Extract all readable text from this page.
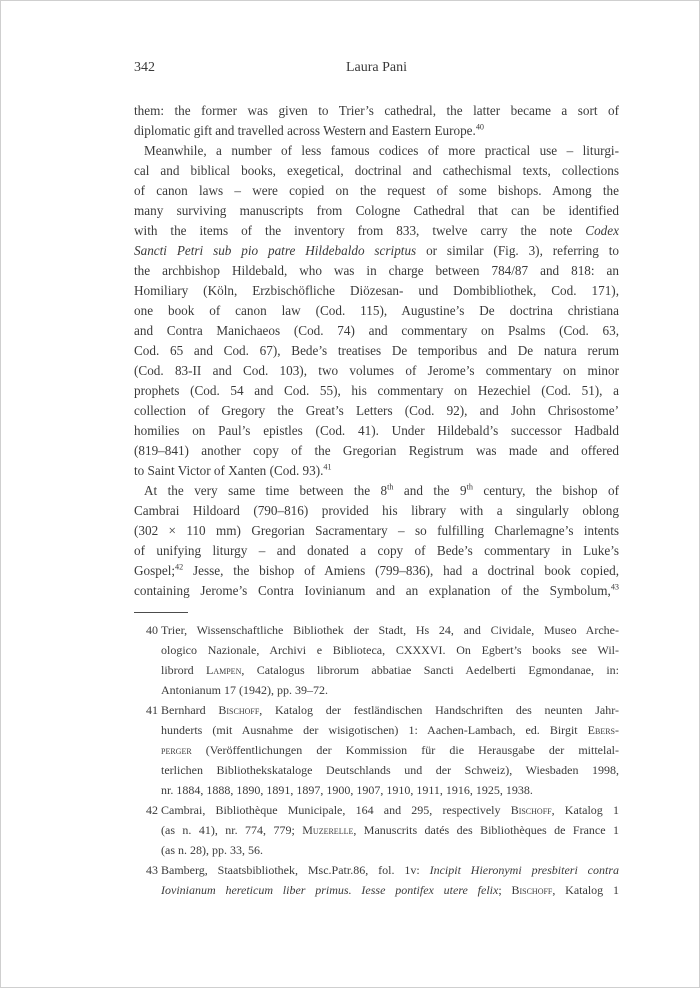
342	Laura Pani
them: the former was given to Trier’s cathedral, the latter became a sort of
diplomatic gift and travelled across Western and Eastern Europe.$^{40}$
Meanwhile, a number of less famous codices of more practical use – liturgi-
cal and biblical books, exegetical, doctrinal and cathechismal texts, collections
of canon laws – were copied on the request of some bishops. Among the
many surviving manuscripts from Cologne Cathedral that can be identified
with the items of the inventory from 833, twelve carry the note Codex
Sancti Petri sub pio patre Hildebaldo scriptus or similar (Fig. 3), referring to
the archbishop Hildebald, who was in charge between 784/87 and 818: an
Homiliary (Köln, Erzbischöfliche Diözesan- und Dombibliothek, Cod. 171),
one book of canon law (Cod. 115), Augustine’s De doctrina christiana
and Contra Manichaeos (Cod. 74) and commentary on Psalms (Cod. 63,
Cod. 65 and Cod. 67), Bede’s treatises De temporibus and De natura rerum
(Cod. 83-II and Cod. 103), two volumes of Jerome’s commentary on minor
prophets (Cod. 54 and Cod. 55), his commentary on Hezechiel (Cod. 51), a
collection of Gregory the Great’s Letters (Cod. 92), and John Chrisostome’
homilies on Paul’s epistles (Cod. 41). Under Hildebald’s successor Hadbald
(819–841) another copy of the Gregorian Registrum was made and offered
to Saint Victor of Xanten (Cod. 93).$^{41}$
At the very same time between the 8th and the 9th century, the bishop of
Cambrai Hildoard (790–816) provided his library with a singularly oblong
(302 × 110 mm) Gregorian Sacramentary – so fulfilling Charlemagne’s intents
of unifying liturgy – and donated a copy of Bede’s commentary in Luke’s
Gospel;$^{42}$ Jesse, the bishop of Amiens (799–836), had a doctrinal book copied,
containing Jerome’s Contra Iovinianum and an explanation of the Symbolum,$^{43}$
40 Trier, Wissenschaftliche Bibliothek der Stadt, Hs 24, and Cividale, Museo Arche-
ologico Nazionale, Archivi e Biblioteca, CXXXVI. On Egbert’s books see Wil-
librord Lampen, Catalogus librorum abbatiae Sancti Aedelberti Egmondanae, in:
Antonianum 17 (1942), pp. 39–72.
41 Bernhard Bischoff, Katalog der festländischen Handschriften des neunten Jahr-
hunderts (mit Ausnahme der wisigotischen) 1: Aachen-Lambach, ed. Birgit Ebers-
perger (Veröffentlichungen der Kommission für die Herausgabe der mittelal-
terlichen Bibliothekskataloge Deutschlands und der Schweiz), Wiesbaden 1998,
nr. 1884, 1888, 1890, 1891, 1897, 1900, 1907, 1910, 1911, 1916, 1925, 1938.
42 Cambrai, Bibliothèque Municipale, 164 and 295, respectively Bischoff, Katalog 1
(as n. 41), nr. 774, 779; Muzerelle, Manuscrits datés des Bibliothèques de France 1
(as n. 28), pp. 33, 56.
43 Bamberg, Staatsbibliothek, Msc.Patr.86, fol. 1v: Incipit Hieronymi presbiteri contra
Iovinianum hereticum liber primus. Iesse pontifex utere felix; Bischoff, Katalog 1
